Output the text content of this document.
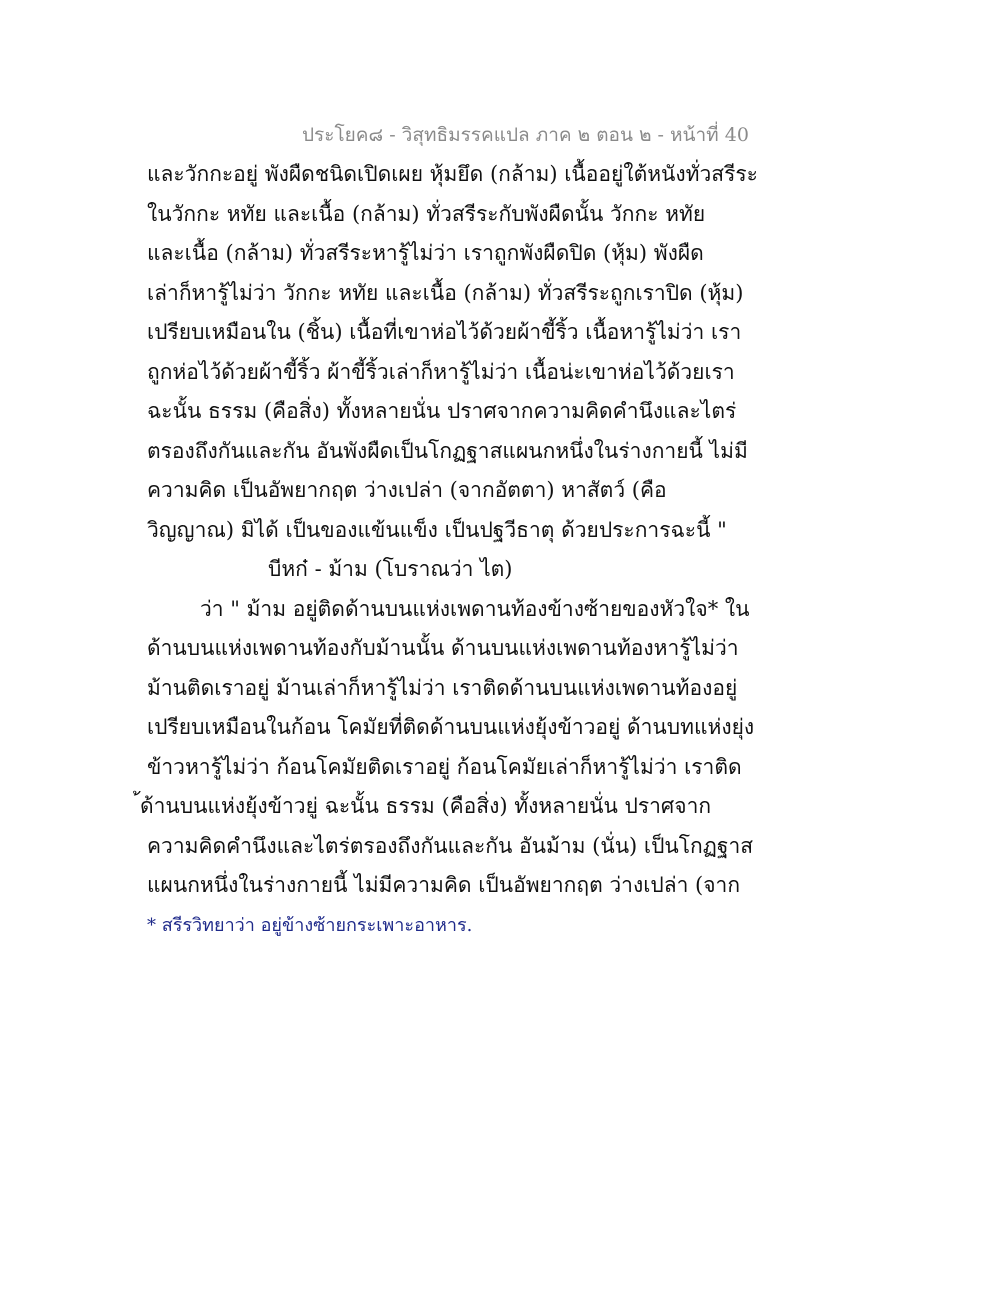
ประโยค๘ - วิสุทธิมรรคแปล ภาค ๒ ตอน ๒ - หน้าที่ 40
และวักกะอยู่ พังผืดชนิดเปิดเผย หุ้มยึด (กล้าม) เนื้ออยู่ใต้หนังทั่วสรีระ
ในวักกะ หทัย และเนื้อ (กล้าม) ทั่วสรีระกับพังผืดนั้น วักกะ หทัย
และเนื้อ (กล้าม) ทั่วสรีระหารู้ไม่ว่า เราถูกพังผืดปิด (หุ้ม) พังผืด
เล่าก็หารู้ไม่ว่า วักกะ หทัย และเนื้อ (กล้าม) ทั่วสรีระถูกเราปิด (หุ้ม)
เปรียบเหมือนใน (ชิ้น) เนื้อที่เขาห่อไว้ด้วยผ้าขี้ริ้ว เนื้อหารู้ไม่ว่า เรา
ถูกห่อไว้ด้วยผ้าขี้ริ้ว ผ้าขี้ริ้วเล่าก็หารู้ไม่ว่า เนื้อน่ะเขาห่อไว้ด้วยเรา
ฉะนั้น ธรรม (คือสิ่ง) ทั้งหลายนั่น ปราศจากความคิดคำนึงและไตร่
ตรองถึงกันและกัน อันพังผืดเป็นโกฏฐาสแผนกหนึ่งในร่างกายนี้ ไม่มี
ความคิด เป็นอัพยากฤต ว่างเปล่า (จากอัตตา) หาสัตว์ (คือ
วิญญาณ) มิได้ เป็นของแข้นแข็ง เป็นปฐวีธาตุ ด้วยประการฉะนี้ "
บีหก๋ - ม้าม (โบราณว่า ไต)
ว่า " ม้าม อยู่ติดด้านบนแห่งเพดานท้องข้างซ้ายของหัวใจ* ใน
ด้านบนแห่งเพดานท้องกับม้านนั้น ด้านบนแห่งเพดานท้องหารู้ไม่ว่า
ม้านติดเราอยู่ ม้านเล่าก็หารู้ไม่ว่า เราติดด้านบนแห่งเพดานท้องอยู่
เปรียบเหมือนในก้อน โคมัยที่ติดด้านบนแห่งยุ้งข้าวอยู่ ด้านบทแห่งยุ่ง
ข้าวหารู้ไม่ว่า ก้อนโคมัยติดเราอยู่ ก้อนโคมัยเล่าก็หารู้ไม่ว่า เราติด
้ด้านบนแห่งยุ้งข้าวยู่ ฉะนั้น ธรรม (คือสิ่ง) ทั้งหลายนั่น ปราศจาก
ความคิดคำนึงและไตร่ตรองถึงกันและกัน อันม้าม (นั่น) เป็นโกฏฐาส
แผนกหนึ่งในร่างกายนี้ ไม่มีความคิด เป็นอัพยากฤต ว่างเปล่า (จาก
* สรีรวิทยาว่า อยู่ข้างซ้ายกระเพาะอาหาร.
